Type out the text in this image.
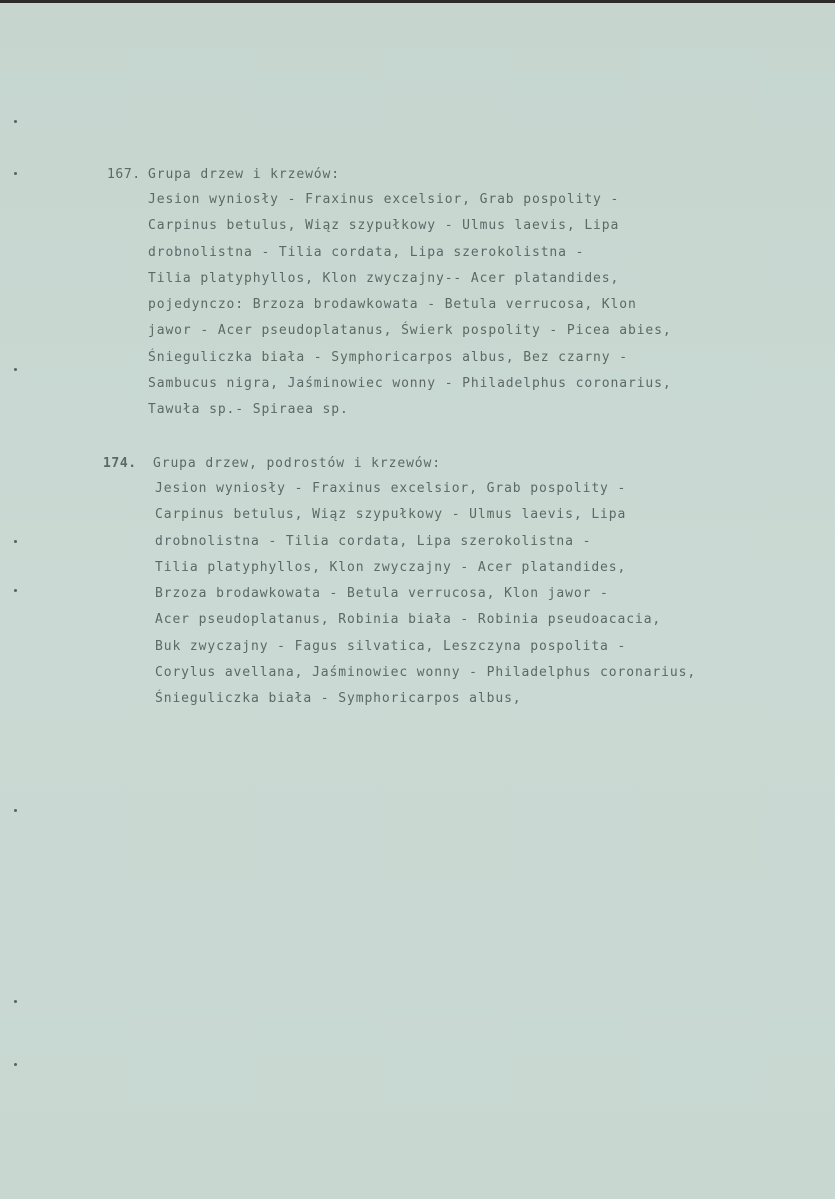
167. Grupa drzew i krzewów:
Jesion wyniosły - Fraxinus excelsior, Grab pospolity -
Carpinus betulus, Wiąz szypułkowy - Ulmus laevis, Lipa
drobnolistna - Tilia cordata, Lipa szerokolistna -
Tilia platyphyllos, Klon zwyczajny-- Acer platandides,
pojedynczo: Brzoza brodawkowata - Betula verrucosa, Klon
jawor - Acer pseudoplatanus, Świerk pospolity - Picea abies,
Śnieguliczka biała - Symphoricarpos albus, Bez czarny -
Sambucus nigra, Jaśminowiec wonny - Philadelphus coronarius,
Tawuła sp.- Spiraea sp.
174. Grupa drzew, podrostów i krzewów:
Jesion wyniosły - Fraxinus excelsior, Grab pospolity -
Carpinus betulus, Wiąz szypułkowy - Ulmus laevis, Lipa
drobnolistna - Tilia cordata, Lipa szerokolistna -
Tilia platyphyllos, Klon zwyczajny - Acer platandides,
Brzoza brodawkowata - Betula verrucosa, Klon jawor -
Acer pseudoplatanus, Robinia biała - Robinia pseudoacacia,
Buk zwyczajny - Fagus silvatica, Leszczyna pospolita -
Corylus avellana, Jaśminowiec wonny - Philadelphus coronarius,
Śnieguliczka biała - Symphoricarpos albus,
